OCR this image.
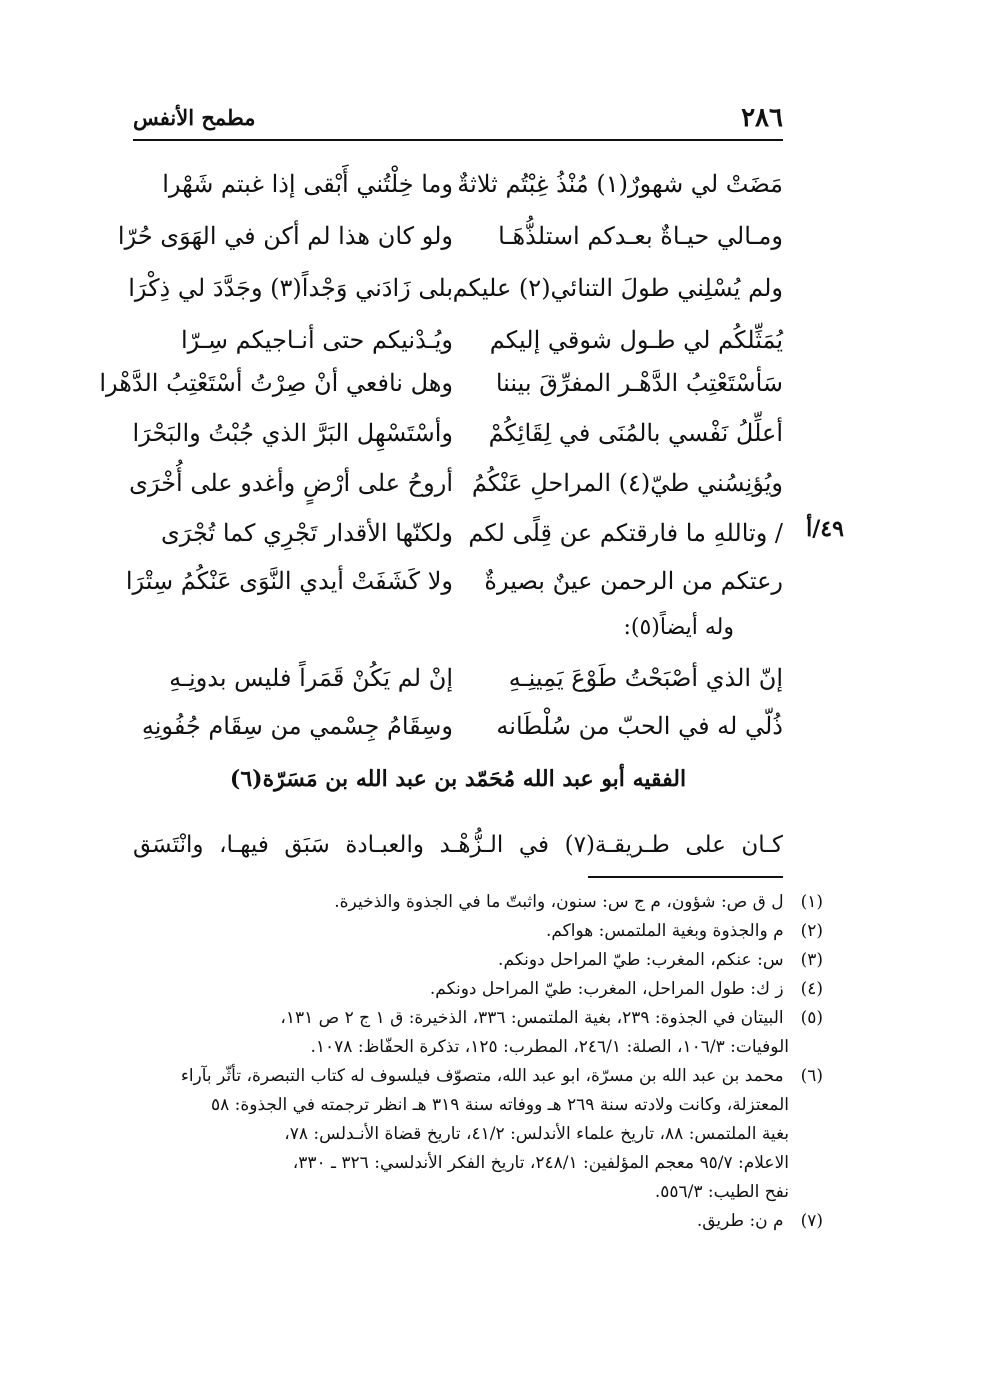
٢٨٦
مطمح الأنفس
مَضَتْ لي شهورٌ(١) مُنْذُ غِبْتُم ثلاثةٌ
وما خِلْتُني أَبْقى إذا غبتم شَهْرا
ومـالي حيـاةٌ بعـدكم استلذُّهَـا
ولو كان هذا لم أكن في الهَوَى حُرّا
ولم يُسْلِني طولَ التنائي(٢) عليكم
بلى زَادَني وَجْداً(٣) وجَدَّدَ لي ذِكْرَا
يُمَثِّلكُم لي طـول شوقي إليكم
ويُـدْنيكم حتى أنـاجيكم سِـرّا
سَأسْتَعْتِبُ الدَّهْـر المفرِّقَ بيننا
وهل نافعي أنْ صِرْتُ أسْتَعْتِبُ الدَّهْرا
أعلِّلُ نَفْسي بالمُنَى في لِقَائِكُمْ
وأسْتَسْهِل البَرَّ الذي جُبْتُ والبَحْرَا
ويُؤنِسُني طيّ(٤) المراحلِ عَنْكُمُ
أروحُ على أرْضٍ وأغدو على أُخْرَى
/ وتاللهِ ما فارقتكم عن قِلًى لكم
ولكنّها الأقدار تَجْرِي كما تُجْرَى	٤٩/أ
رعتكم من الرحمن عينٌ بصيرةٌ
ولا كَشَفَتْ أيدي النَّوَى عَنْكُمُ سِتْرَا
وله أيضاً(٥):
إنّ الذي أصْبَحْتُ طَوْعَ يَمِينِـهِ
إنْ لم يَكُنْ قَمَراً فليس بدونِـهِ
ذُلّي له في الحبّ من سُلْطَانه
وسِقَامُ جِسْمي من سِقَام جُفُونِهِ
الفقيه أبو عبد الله مُحَمّد بن عبد الله بن مَسَرّة(٦)
كـان على طـريقـة(٧) في الـزُّهْـد والعبـادة سَبَق فيهـا، وانْتَسَق
(١) ل ق ص: شؤون، م ج س: سنون، واثبتّ ما في الجذوة والذخيرة.
(٢) م والجذوة وبغية الملتمس: هواكم.
(٣) س: عنكم، المغرب: طيّ المراحل دونكم.
(٤) ز ك: طول المراحل، المغرب: طيّ المراحل دونكم.
(٥) البيتان في الجذوة: ٢٣٩، بغية الملتمس: ٣٣٦، الذخيرة: ق ١ ج ٢ ص ١٣١،
الوفيات: ١٠٦/٣، الصلة: ٢٤٦/١، المطرب: ١٢٥، تذكرة الحفّاظ: ١٠٧٨.
(٦) محمد بن عبد الله بن مسرّة، ابو عبد الله، متصوّف فيلسوف له كتاب التبصرة، تأثّر بآراء
المعتزلة، وكانت ولادته سنة ٢٦٩ هـ ووفاته سنة ٣١٩ هـ انظر ترجمته في الجذوة: ٥٨
بغية الملتمس: ٨٨، تاريخ علماء الأندلس: ٤١/٢، تاريخ قضاة الأنـدلس: ٧٨،
الاعلام: ٩٥/٧ معجم المؤلفين: ٢٤٨/١، تاريخ الفكر الأندلسي: ٣٢٦ ـ ٣٣٠،
نفح الطيب: ٥٥٦/٣.
(٧) م ن: طريق.
